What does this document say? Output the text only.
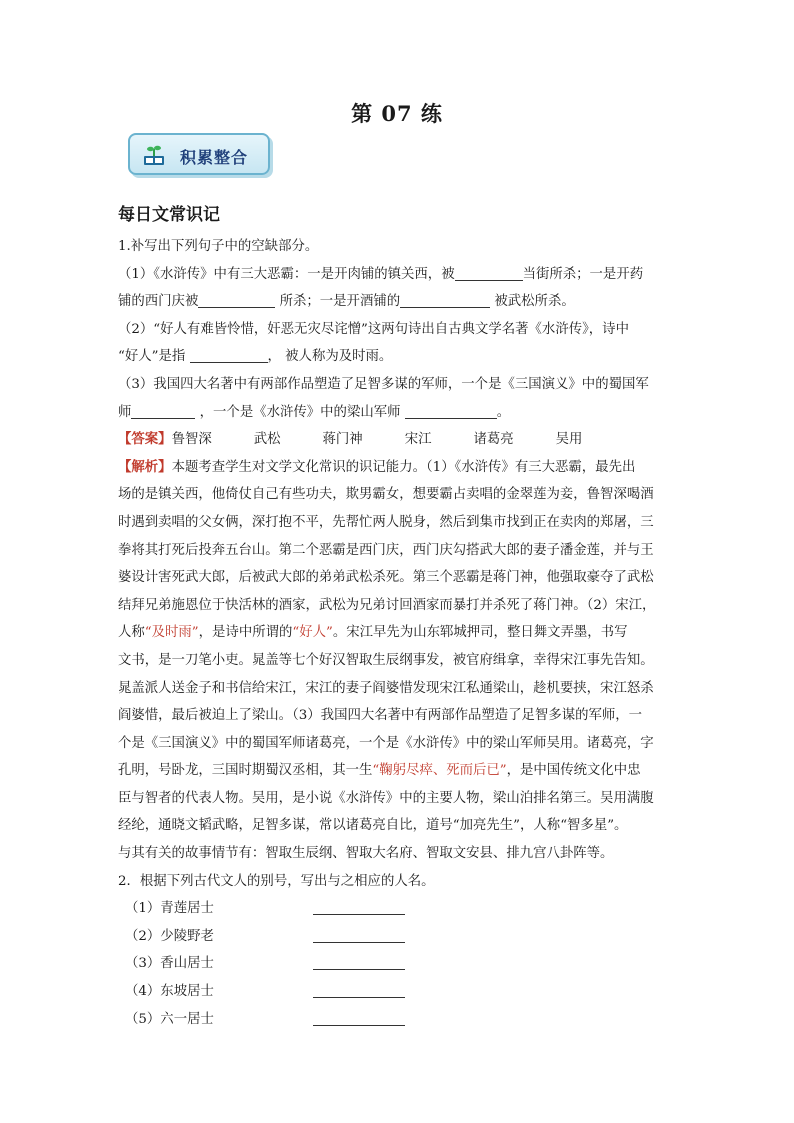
第 07 练
积累整合
每日文常识记
1.补写出下列句子中的空缺部分。
（1）《水浒传》中有三大恶霸：一是开肉铺的镇关西，被	当街所杀；一是开药
铺的西门庆被	所杀；一是开酒铺的	被武松所杀。
（2）“好人有难皆怜惜，奸恶无灾尽诧憎”这两句诗出自古典文学名著《水浒传》，诗中
“好人”是指	， 被人称为及时雨。
（3）我国四大名著中有两部作品塑造了足智多谋的军师，一个是《三国演义》中的蜀国军
师	，一个是《水浒传》中的梁山军师	。
【答案】鲁智深	武松	蒋门神	宋江	诸葛亮	吴用
【解析】本题考查学生对文学文化常识的识记能力。（1）《水浒传》有三大恶霸，最先出
场的是镇关西，他倚仗自己有些功夫，欺男霸女，想要霸占卖唱的金翠莲为妾，鲁智深喝酒
时遇到卖唱的父女俩，深打抱不平，先帮忙两人脱身，然后到集市找到正在卖肉的郑屠，三
拳将其打死后投奔五台山。第二个恶霸是西门庆，西门庆勾搭武大郎的妻子潘金莲，并与王
婆设计害死武大郎，后被武大郎的弟弟武松杀死。第三个恶霸是蒋门神，他强取豪夺了武松
结拜兄弟施恩位于快活林的酒家，武松为兄弟讨回酒家而暴打并杀死了蒋门神。（2）宋江，
人称“及时雨”，是诗中所谓的“好人”。宋江早先为山东郓城押司，整日舞文弄墨，书写
文书，是一刀笔小吏。晁盖等七个好汉智取生辰纲事发，被官府缉拿，幸得宋江事先告知。
晁盖派人送金子和书信给宋江，宋江的妻子阎婆惜发现宋江私通梁山，趁机要挟，宋江怒杀
阎婆惜，最后被迫上了梁山。（3）我国四大名著中有两部作品塑造了足智多谋的军师，一
个是《三国演义》中的蜀国军师诸葛亮，一个是《水浒传》中的梁山军师吴用。诸葛亮，字
孔明，号卧龙，三国时期蜀汉丞相，其一生“鞠躬尽瘁、死而后已”，是中国传统文化中忠
臣与智者的代表人物。吴用，是小说《水浒传》中的主要人物，梁山泊排名第三。吴用满腹
经纶，通晓文韬武略，足智多谋，常以诸葛亮自比，道号“加亮先生”，人称“智多星”。
与其有关的故事情节有：智取生辰纲、智取大名府、智取文安县、排九宫八卦阵等。
2．根据下列古代文人的别号，写出与之相应的人名。
（1）青莲居士
（2）少陵野老
（3）香山居士
（4）东坡居士
（5）六一居士
